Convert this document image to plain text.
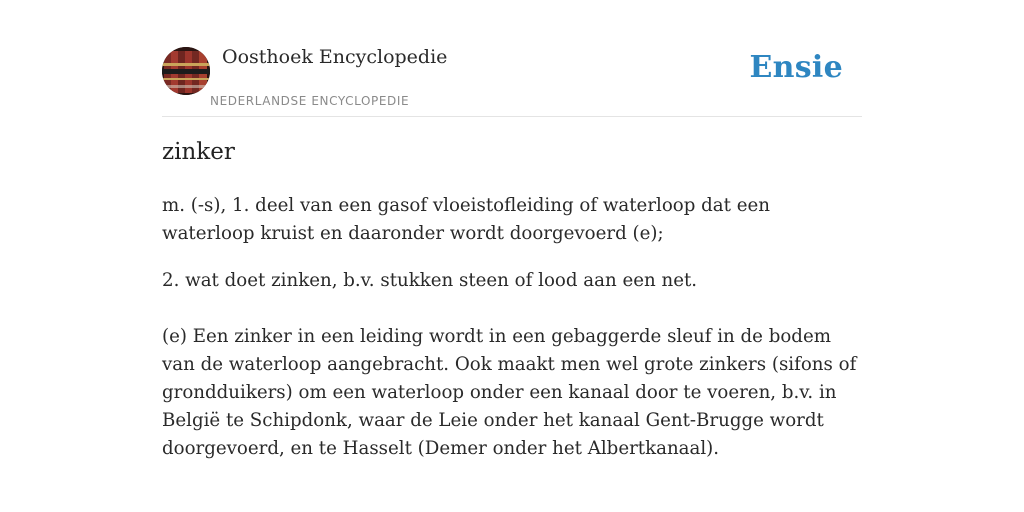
Oosthoek Encyclopedie
NEDERLANDSE ENCYCLOPEDIE
Ensie
zinker

m. (-s), 1. deel van een gasof vloeistofleiding of waterloop dat een waterloop kruist en daaronder wordt doorgevoerd (e);

2. wat doet zinken, b.v. stukken steen of lood aan een net.

(e) Een zinker in een leiding wordt in een gebaggerde sleuf in de bodem van de waterloop aangebracht. Ook maakt men wel grote zinkers (sifons of grondduikers) om een waterloop onder een kanaal door te voeren, b.v. in België te Schipdonk, waar de Leie onder het kanaal Gent-Brugge wordt doorgevoerd, en te Hasselt (Demer onder het Albertkanaal).
